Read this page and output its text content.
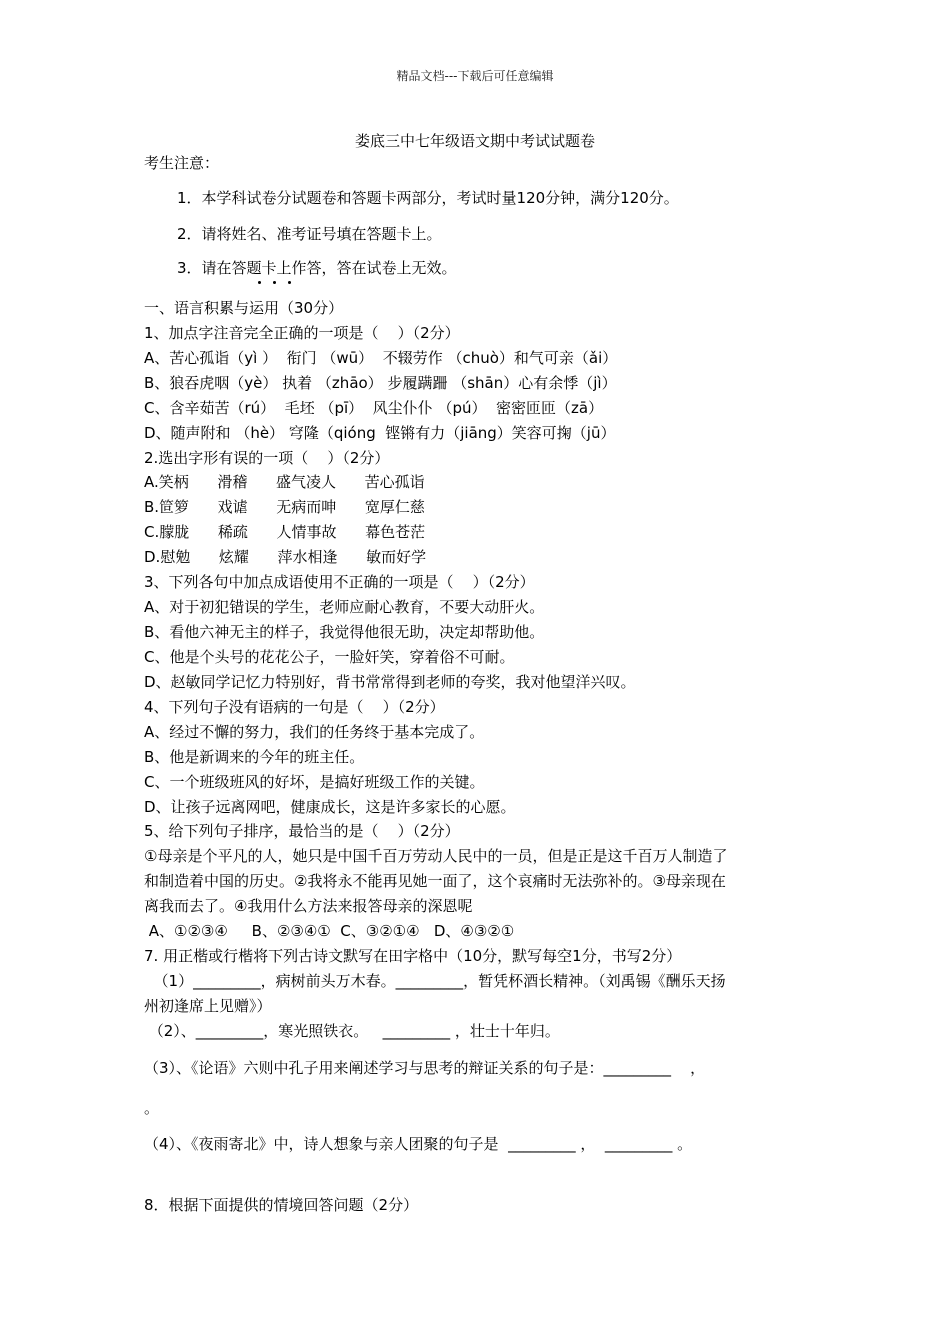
精品文档---下载后可任意编辑
娄底三中七年级语文期中考试试题卷
考生注意：
1．本学科试卷分试题卷和答题卡两部分，考试时量120分钟，满分120分。
2．请将姓名、准考证号填在答题卡上。
3．请在答题卡上作答，答在试卷上无效。
一、语言积累与运用（30分）
1、加点字注音完全正确的一项是（    ）（2分）
A、苦心孤诣（yì ）  衔门 （wū）  不辍劳作 （chuò）和气可亲（ǎi）
B、狼吞虎咽（yè） 执着 （zhāo） 步履蹒跚 （shān）心有余悸（jì）
C、含辛茹苦（rú）  毛坯 （pī）  风尘仆仆 （pú）  密密匝匝（zā）
D、随声附和 （hè） 穹隆（qióng  铿锵有力（jiāng）笑容可掬（jū）
2.选出字形有误的一项（    ）（2分）
A.笑柄      滑稽      盛气凌人      苦心孤诣
B.笸箩      戏谑      无病而呻      宽厚仁慈
C.朦胧      稀疏      人情事故      幕色苍茫
D.慰勉      炫耀      萍水相逢      敏而好学
3、下列各句中加点成语使用不正确的一项是（    ）（2分）
A、对于初犯错误的学生，老师应耐心教育，不要大动肝火。
B、看他六神无主的样子，我觉得他很无助，决定却帮助他。
C、他是个头号的花花公子，一脸奸笑，穿着俗不可耐。
D、赵敏同学记忆力特别好，背书常常得到老师的夸奖，我对他望洋兴叹。
4、下列句子没有语病的一句是（    ）（2分）
A、经过不懈的努力，我们的任务终于基本完成了。
B、他是新调来的今年的班主任。
C、一个班级班风的好坏，是搞好班级工作的关键。
D、让孩子远离网吧，健康成长，这是许多家长的心愿。
5、给下列句子排序，最恰当的是（    ）（2分）
①母亲是个平凡的人，她只是中国千百万劳动人民中的一员，但是正是这千百万人制造了
和制造着中国的历史。②我将永不能再见她一面了，这个哀痛时无法弥补的。③母亲现在
离我而去了。④我用什么方法来报答母亲的深恩呢
A、①②③④     B、②③④①  C、③②①④   D、④③②①
7. 用正楷或行楷将下列古诗文默写在田字格中（10分，默写每空1分，书写2分）
（1）_________，病树前头万木春。_________，暂凭杯酒长精神。（刘禹锡《酬乐天扬
州初逢席上见赠》）
（2）、_________，寒光照铁衣。   _________ ，壮士十年归。
（3）、《论语》六则中孔子用来阐述学习与思考的辩证关系的句子是：_________    ，
。
（4）、《夜雨寄北》中，诗人想象与亲人团聚的句子是  _________ ，  _________ 。
8．根据下面提供的情境回答问题（2分）
